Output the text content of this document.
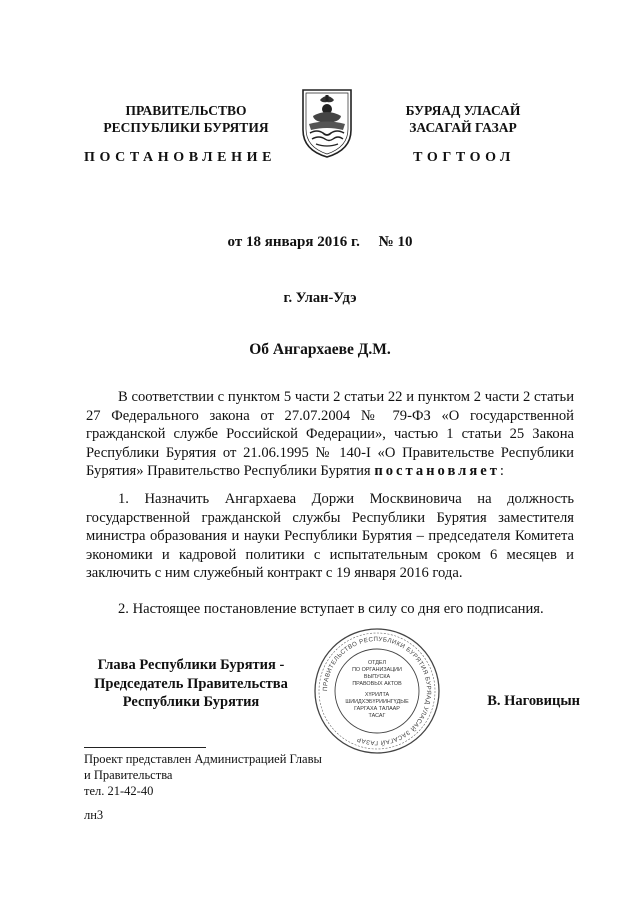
ПРАВИТЕЛЬСТВО
РЕСПУБЛИКИ БУРЯТИЯ
БУРЯАД УЛАСАЙ
ЗАСАГАЙ ГАЗАР
ПОСТАНОВЛЕНИЕ	ТОГТООЛ
от 18 января 2016 г.     № 10
г. Улан-Удэ
Об Ангархаеве Д.М.
В соответствии с пунктом 5 части 2 статьи 22 и пунктом 2 части 2 статьи 27 Федерального закона от 27.07.2004 № 79-ФЗ «О государственной гражданской службе Российской Федерации», частью 1 статьи 25 Закона Республики Бурятия от 21.06.1995 № 140-I «О Правительстве Республики Бурятия» Правительство Республики Бурятия постановляет:
1. Назначить Ангархаева Доржи Москвиновича на должность государственной гражданской службы Республики Бурятия заместителя министра образования и науки Республики Бурятия – председателя Комитета экономики и кадровой политики с испытательным сроком 6 месяцев и заключить с ним служебный контракт с 19 января 2016 года.
2. Настоящее постановление вступает в силу со дня его подписания.
Глава Республики Бурятия -
Председатель Правительства
Республики Бурятия	В. Наговицын
ПРАВИТЕЛЬСТВО РЕСПУБЛИКИ БУРЯТИЯ БУРЯАД УЛАСАЙ ЗАСАГАЙ ГАЗАР
ОТДЕЛ
ПО ОРГАНИЗАЦИИ
ВЫПУСКА
ПРАВОВЫХ АКТОВ
ХҮРИЛТА
ШИИДХЭБҮРИИНГҮДЫЕ
ГАРГАХА ТАЛААР
ТАСАГ
Проект представлен Администрацией Главы
и Правительства
тел. 21-42-40
лн3
